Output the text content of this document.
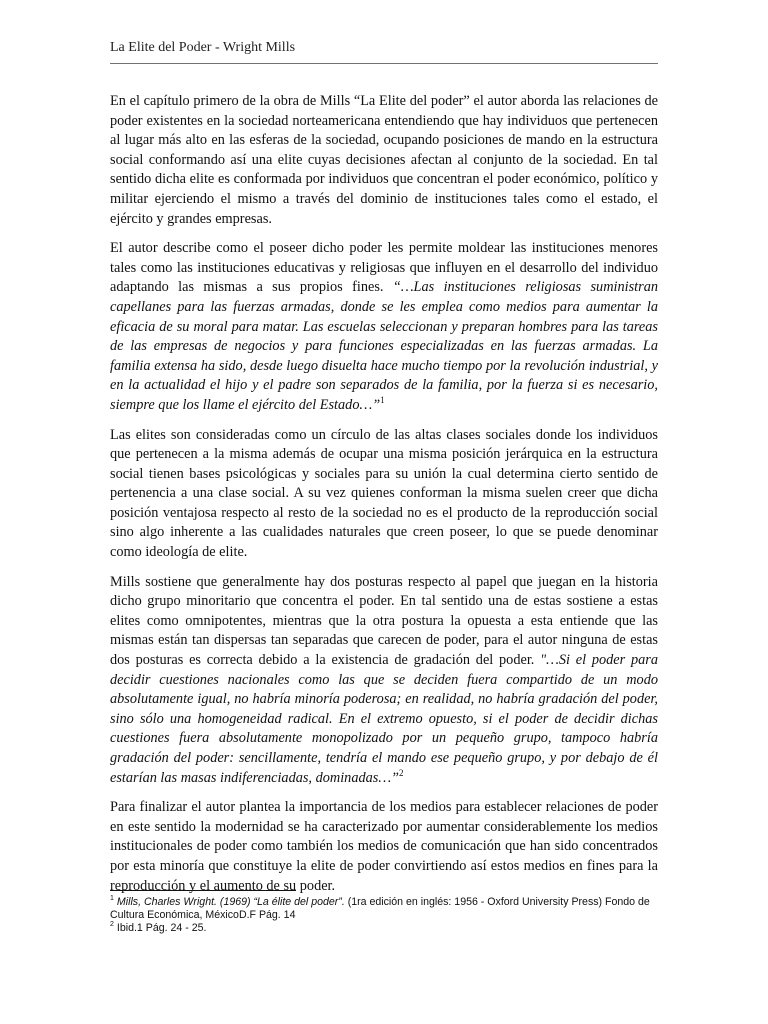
La Elite del Poder - Wright Mills

En el capítulo primero de la obra de Mills “La Elite del poder” el autor aborda las relaciones de poder existentes en la sociedad norteamericana entendiendo que hay individuos que pertenecen al lugar más alto en las esferas de la sociedad, ocupando posiciones de mando en la estructura social conformando así una elite cuyas decisiones afectan al conjunto de la sociedad. En tal sentido dicha elite es conformada por individuos que concentran el poder económico, político y militar ejerciendo el mismo a través del dominio de instituciones tales como el estado, el ejército y grandes empresas.

El autor describe como el poseer dicho poder les permite moldear las instituciones menores tales como las instituciones educativas y religiosas que influyen en el desarrollo del individuo adaptando las mismas a sus propios fines. “…Las instituciones religiosas suministran capellanes para las fuerzas armadas, donde se les emplea como medios para aumentar la eficacia de su moral para matar. Las escuelas seleccionan y preparan hombres para las tareas de las empresas de negocios y para funciones especializadas en las fuerzas armadas. La familia extensa ha sido, desde luego disuelta hace mucho tiempo por la revolución industrial, y en la actualidad el hijo y el padre son separados de la familia, por la fuerza si es necesario, siempre que los llame el ejército del Estado…”$^1$

Las elites son consideradas como un círculo de las altas clases sociales donde los individuos que pertenecen a la misma además de ocupar una misma posición jerárquica en la estructura social tienen bases psicológicas y sociales para su unión la cual determina cierto sentido de pertenencia a una clase social. A su vez quienes conforman la misma suelen creer que dicha posición ventajosa respecto al resto de la sociedad no es el producto de la reproducción social sino algo inherente a las cualidades naturales que creen poseer, lo que se puede denominar como ideología de elite.

Mills sostiene que generalmente hay dos posturas respecto al papel que juegan en la historia dicho grupo minoritario que concentra el poder. En tal sentido una de estas sostiene a estas elites como omnipotentes, mientras que la otra postura la opuesta a esta entiende que las mismas están tan dispersas tan separadas que carecen de poder, para el autor ninguna de estas dos posturas es correcta debido a la existencia de gradación del poder. "…Si el poder para decidir cuestiones nacionales como las que se deciden fuera compartido de un modo absolutamente igual, no habría minoría poderosa; en realidad, no habría gradación del poder, sino sólo una homogeneidad radical. En el extremo opuesto, si el poder de decidir dichas cuestiones fuera absolutamente monopolizado por un pequeño grupo, tampoco habría gradación del poder: sencillamente, tendría el mando ese pequeño grupo, y por debajo de él estarían las masas indiferenciadas, dominadas…”$^2$

Para finalizar el autor plantea la importancia de los medios para establecer relaciones de poder en este sentido la modernidad se ha caracterizado por aumentar considerablemente los medios institucionales de poder como también los medios de comunicación que han sido concentrados por esta minoría que constituye la elite de poder convirtiendo así estos medios en fines para la reproducción y el aumento de su poder.

$^1$ Mills, Charles Wright. (1969) “La élite del poder”. (1ra edición en inglés: 1956 - Oxford University Press) Fondo de Cultura Económica, MéxicoD.F Pág. 14

$^2$ Ibid.1 Pág. 24 - 25.
